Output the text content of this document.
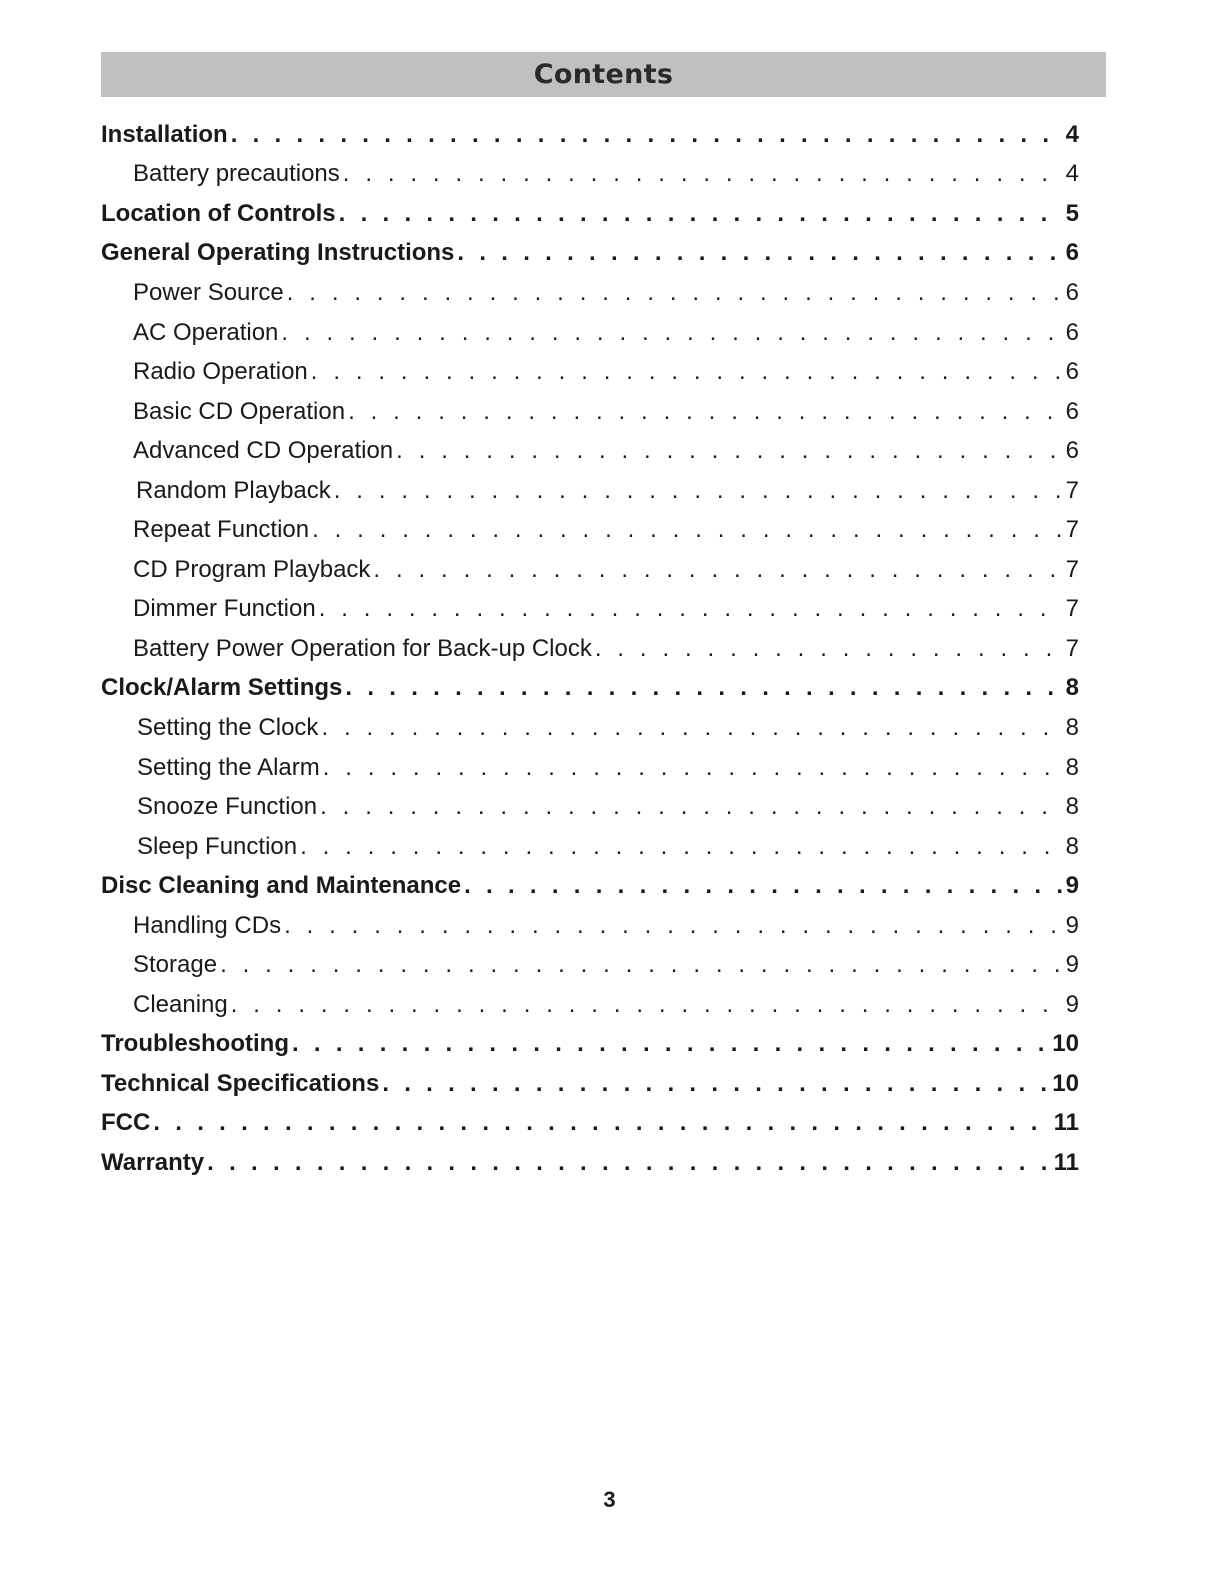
Contents
Installation . . .	4
Battery precautions . . .	4
Location of Controls . . .	5
General Operating Instructions . . .	6
Power Source . . .	6
AC Operation . . .	6
Radio Operation . . .	6
Basic CD Operation . . .	6
Advanced CD Operation . . .	6
Random Playback . . .	7
Repeat Function . . .	7
CD Program Playback . . .	7
Dimmer Function . . .	7
Battery Power Operation for Back-up Clock . . .	7
Clock/Alarm Settings . . .	8
Setting the Clock . . .	8
Setting the Alarm . . .	8
Snooze Function . . .	8
Sleep Function . . .	8
Disc Cleaning and Maintenance . . .	9
Handling CDs . . .	9
Storage . . .	9
Cleaning . . .	9
Troubleshooting . . .	10
Technical Specifications . . .	10
FCC . . .	11
Warranty . . .	11
3
